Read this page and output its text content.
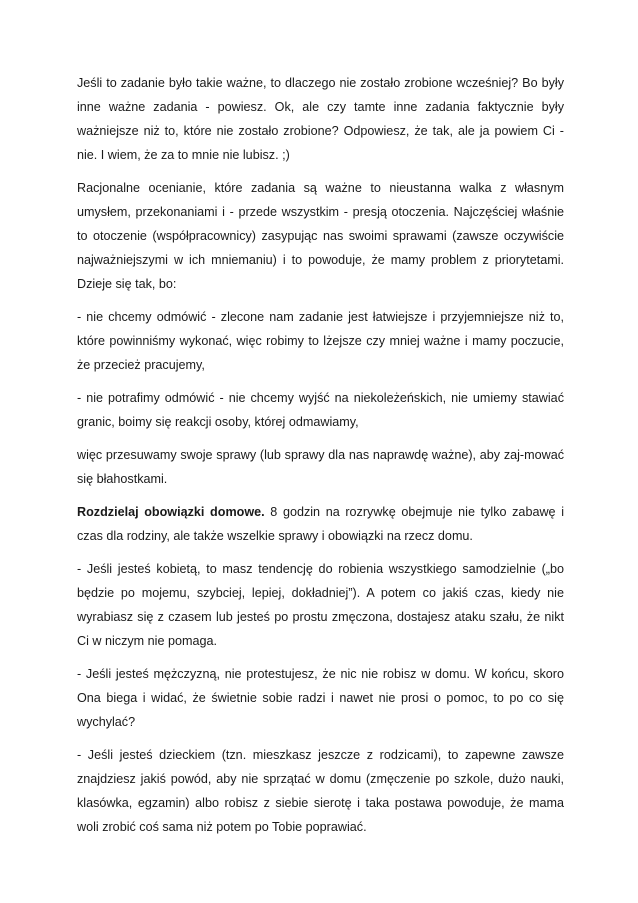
Jeśli to zadanie było takie ważne, to dlaczego nie zostało zrobione wcześniej? Bo były inne ważne zadania - powiesz. Ok, ale czy tamte inne zadania faktycznie były ważniejsze niż to, które nie zostało zrobione? Odpowiesz, że tak, ale ja powiem Ci - nie. I wiem, że za to mnie nie lubisz. ;)

Racjonalne ocenianie, które zadania są ważne to nieustanna walka z własnym umysłem, przekonaniami i - przede wszystkim - presją otoczenia. Najczęściej właśnie to otoczenie (współpracownicy) zasypując nas swoimi sprawami (zawsze oczywiście najważniejszymi w ich mniemaniu) i to powoduje, że mamy problem z priorytetami. Dzieje się tak, bo:

- nie chcemy odmówić - zlecone nam zadanie jest łatwiejsze i przyjemniejsze niż to, które powinniśmy wykonać, więc robimy to lżejsze czy mniej ważne i mamy poczucie, że przecież pracujemy,

- nie potrafimy odmówić - nie chcemy wyjść na niekoleżeńskich, nie umiemy stawiać granic, boimy się reakcji osoby, której odmawiamy,

więc przesuwamy swoje sprawy (lub sprawy dla nas naprawdę ważne), aby zaj-mować się błahostkami.

Rozdzielaj obowiązki domowe. 8 godzin na rozrywkę obejmuje nie tylko zabawę i czas dla rodziny, ale także wszelkie sprawy i obowiązki na rzecz domu.

- Jeśli jesteś kobietą, to masz tendencję do robienia wszystkiego samodzielnie („bo będzie po mojemu, szybciej, lepiej, dokładniej”). A potem co jakiś czas, kiedy nie wyrabiasz się z czasem lub jesteś po prostu zmęczona, dostajesz ataku szału, że nikt Ci w niczym nie pomaga.

- Jeśli jesteś mężczyzną, nie protestujesz, że nic nie robisz w domu. W końcu, skoro Ona biega i widać, że świetnie sobie radzi i nawet nie prosi o pomoc, to po co się wychylać?

- Jeśli jesteś dzieckiem (tzn. mieszkasz jeszcze z rodzicami), to zapewne zawsze znajdziesz jakiś powód, aby nie sprzątać w domu (zmęczenie po szkole, dużo nauki, klasówka, egzamin) albo robisz z siebie sierotę i taka postawa powoduje, że mama woli zrobić coś sama niż potem po Tobie poprawiać.
